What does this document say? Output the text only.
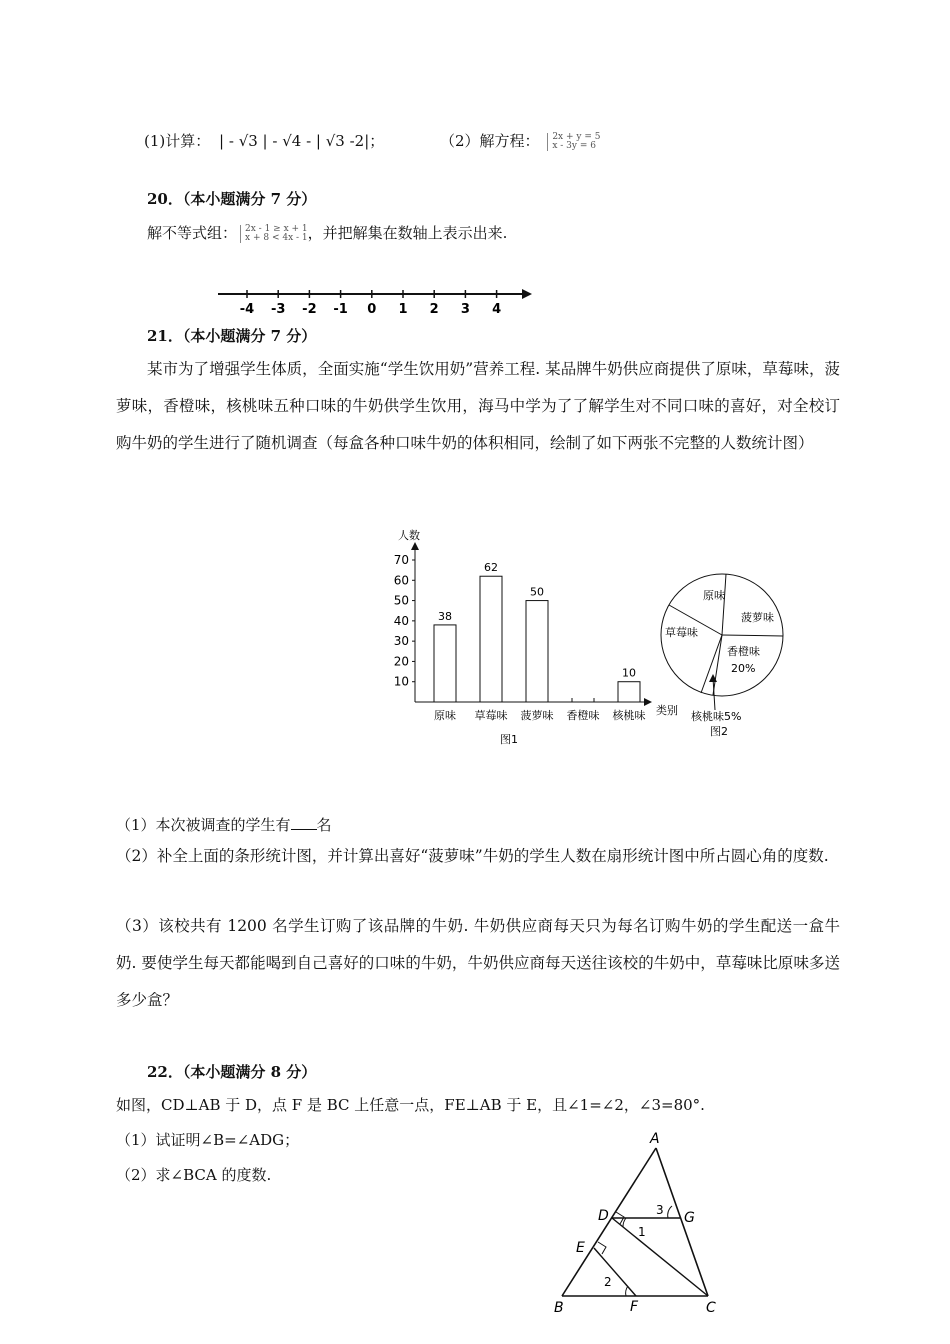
(1)计算： | - √3 | - √4 - | √3 -2|；	（2）解方程： 2x + y = 5
x - 3y = 6
20．（本小题满分 7 分）
解不等式组： 2x - 1 ≥ x + 1
x + 8 < 4x - 1，并把解集在数轴上表示出来.
-4 -3 -2 -1 0 1 2 3 4
21．（本小题满分 7 分）
某市为了增强学生体质，全面实施“学生饮用奶”营养工程. 某品牌牛奶供应商提供了原味，草莓味，菠萝味，香橙味，核桃味五种口味的牛奶供学生饮用，海马中学为了了解学生对不同口味的喜好，对全校订购牛奶的学生进行了随机调查（每盒各种口味牛奶的体积相同，绘制了如下两张不完整的人数统计图）
人数
类别
图1
10
20
30
40
50
60
70
38
原味
62
草莓味
50
菠萝味 香橙味
10
核桃味
原味
菠萝味
香橙味
20%
草莓味
核桃味5%
图2
（1）本次被调查的学生有 名
（2）补全上面的条形统计图，并计算出喜好“菠萝味”牛奶的学生人数在扇形统计图中所占圆心角的度数.
（3）该校共有 1200 名学生订购了该品牌的牛奶. 牛奶供应商每天只为每名订购牛奶的学生配送一盒牛奶. 要使学生每天都能喝到自己喜好的口味的牛奶，牛奶供应商每天送往该校的牛奶中，草莓味比原味多送多少盒？
22．（本小题满分 8 分）
如图，CD⊥AB 于 D，点 F 是 BC 上任意一点，FE⊥AB 于 E，且∠1=∠2，∠3=80°.
（1）试证明∠B=∠ADG；
（2）求∠BCA 的度数.
A
B	C
D
E
F
G
1
2
3
